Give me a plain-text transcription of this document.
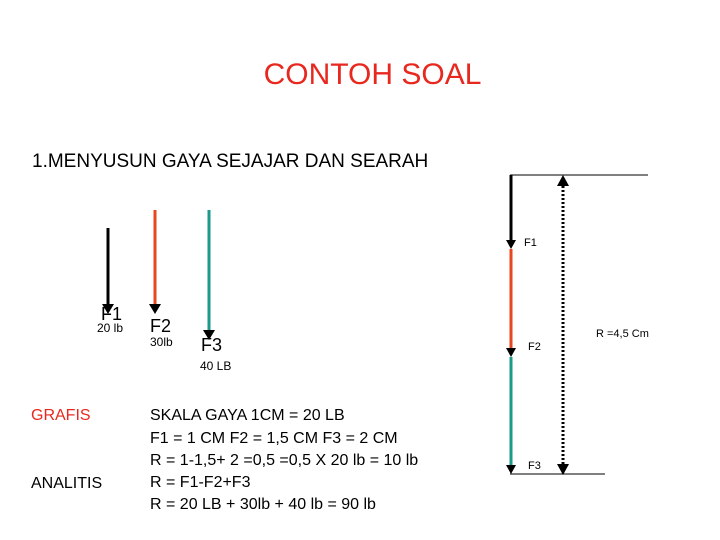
CONTOH SOAL
1.MENYUSUN GAYA SEJAJAR DAN SEARAH
F1
20 lb F2
30lb F3
40 LB
F1
F2
F3
R =4,5 Cm
GRAFIS
ANALITIS
SKALA GAYA 1CM = 20 LB
F1 = 1 CM F2 = 1,5 CM F3 = 2 CM
R = 1-1,5+ 2 =0,5 =0,5 X 20 lb = 10 lb
R = F1-F2+F3
R = 20 LB + 30lb + 40 lb = 90 lb
